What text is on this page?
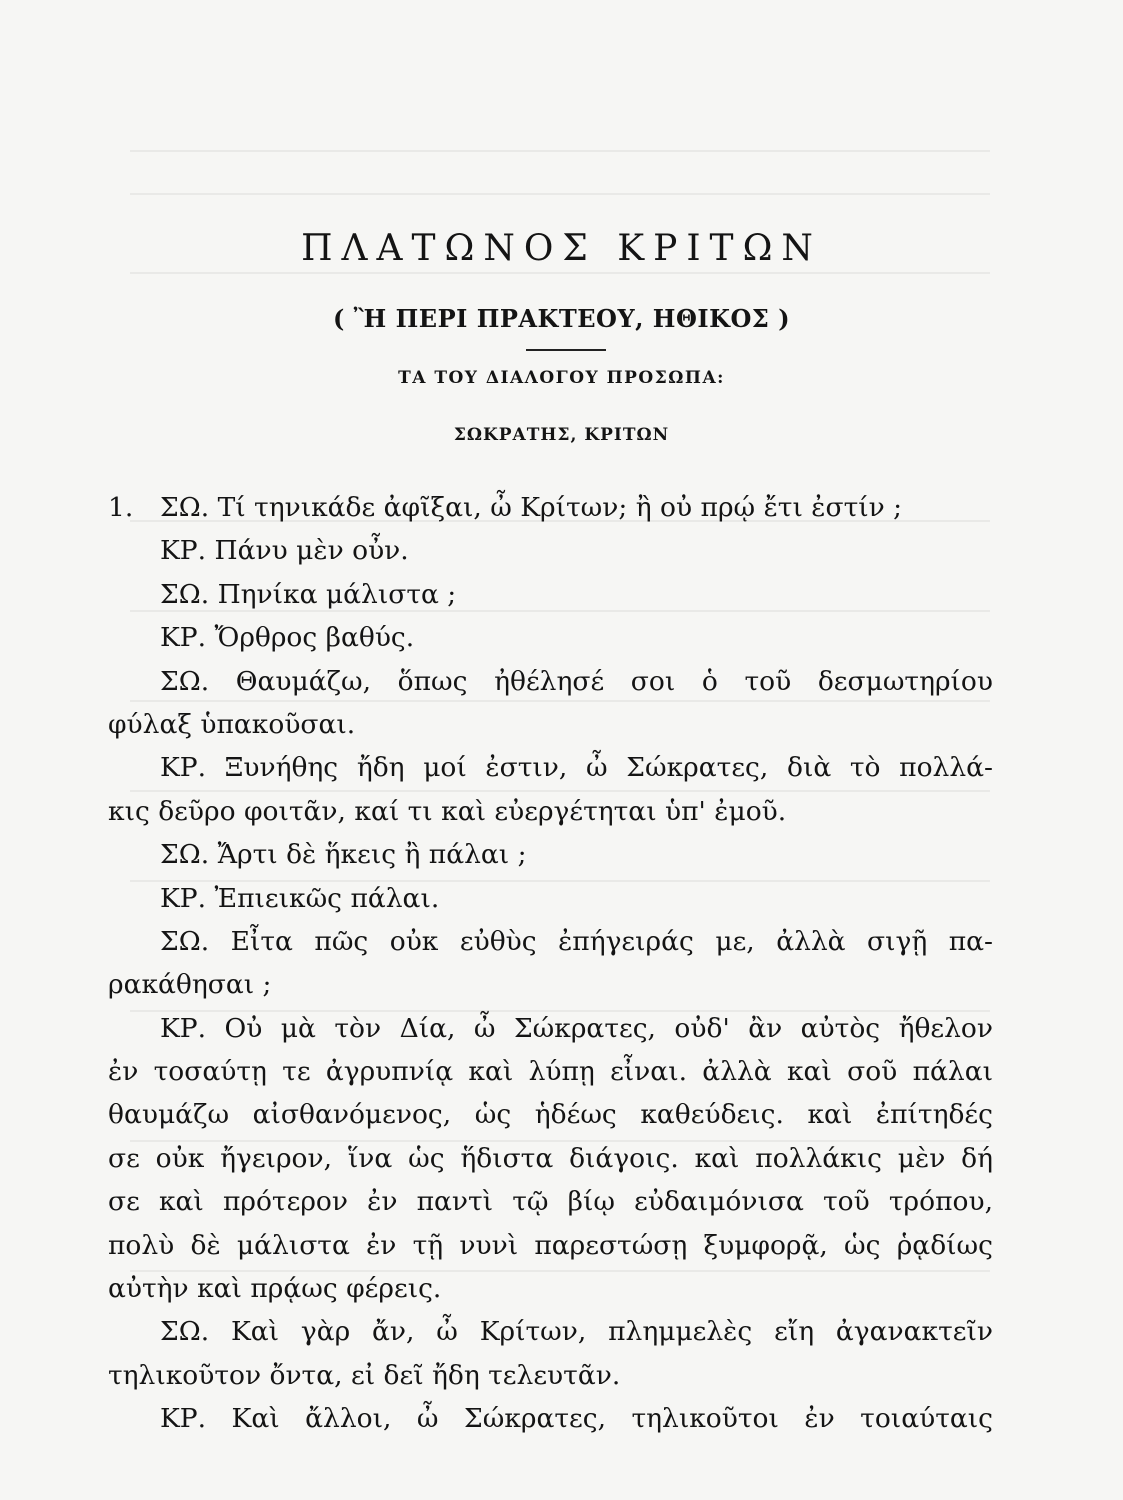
ΠΛΑΤΩΝΟΣ ΚΡΙΤΩΝ
( Ἢ ΠΕΡΙ ΠΡΑΚΤΕΟΥ, ΗΘΙΚΟΣ )
ΤΑ ΤΟΥ ΔΙΑΛΟΓΟΥ ΠΡΟΣΩΠΑ:
ΣΩΚΡΑΤΗΣ, ΚΡΙΤΩΝ
1. ΣΩ. Τί τηνικάδε ἀφῖξαι, ὦ Κρίτων; ἢ οὐ πρῴ ἔτι ἐστίν ;
ΚΡ. Πάνυ μὲν οὖν.
ΣΩ. Πηνίκα μάλιστα ;
ΚΡ. Ὄρθρος βαθύς.
ΣΩ. Θαυμάζω, ὅπως ἠθέλησέ σοι ὁ τοῦ δεσμωτηρίου
φύλαξ ὑπακοῦσαι.
ΚΡ. Ξυνήθης ἤδη μοί ἐστιν, ὦ Σώκρατες, διὰ τὸ πολλά-
κις δεῦρο φοιτᾶν, καί τι καὶ εὐεργέτηται ὑπ' ἐμοῦ.
ΣΩ. Ἄρτι δὲ ἥκεις ἢ πάλαι ;
ΚΡ. Ἐπιεικῶς πάλαι.
ΣΩ. Εἶτα πῶς οὐκ εὐθὺς ἐπήγειράς με, ἀλλὰ σιγῇ πα-
ρακάθησαι ;
ΚΡ. Οὐ μὰ τὸν Δία, ὦ Σώκρατες, οὐδ' ἂν αὐτὸς ἤθελον
ἐν τοσαύτῃ τε ἀγρυπνίᾳ καὶ λύπῃ εἶναι. ἀλλὰ καὶ σοῦ πάλαι
θαυμάζω αἰσθανόμενος, ὡς ἡδέως καθεύδεις. καὶ ἐπίτηδές
σε οὐκ ἤγειρον, ἵνα ὡς ἥδιστα διάγοις. καὶ πολλάκις μὲν δή
σε καὶ πρότερον ἐν παντὶ τῷ βίῳ εὐδαιμόνισα τοῦ τρόπου,
πολὺ δὲ μάλιστα ἐν τῇ νυνὶ παρεστώσῃ ξυμφορᾷ, ὡς ῥᾳδίως
αὐτὴν καὶ πρᾴως φέρεις.
ΣΩ. Καὶ γὰρ ἄν, ὦ Κρίτων, πλημμελὲς εἴη ἀγανακτεῖν
τηλικοῦτον ὄντα, εἰ δεῖ ἤδη τελευτᾶν.
ΚΡ. Καὶ ἄλλοι, ὦ Σώκρατες, τηλικοῦτοι ἐν τοιαύταις
